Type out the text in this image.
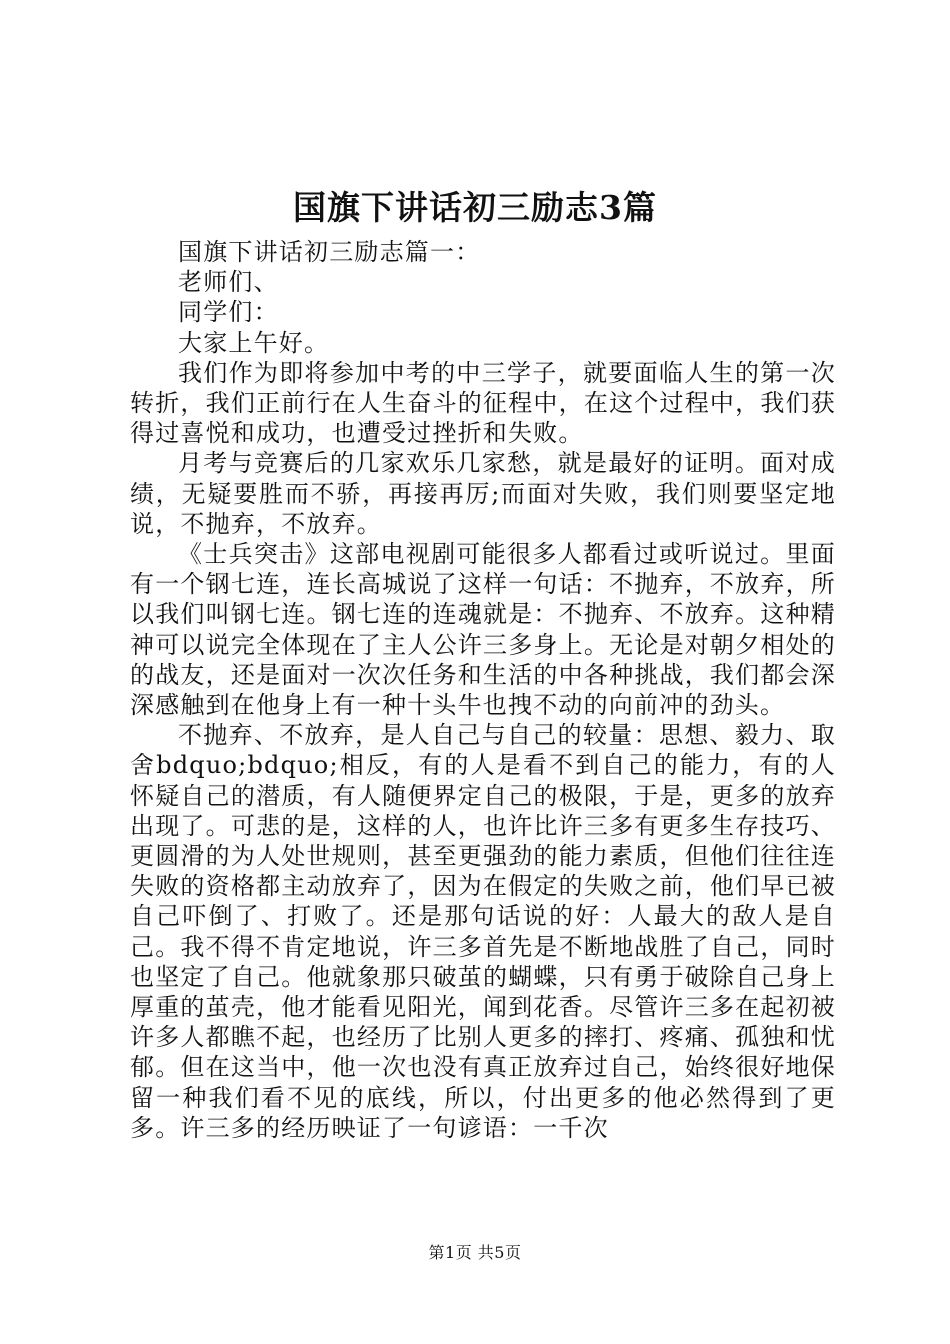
国旗下讲话初三励志3篇

国旗下讲话初三励志篇一：

老师们、

同学们：

大家上午好。

我们作为即将参加中考的中三学子，就要面临人生的第一次转折，我们正前行在人生奋斗的征程中，在这个过程中，我们获得过喜悦和成功，也遭受过挫折和失败。

月考与竞赛后的几家欢乐几家愁，就是最好的证明。面对成绩，无疑要胜而不骄，再接再厉;而面对失败，我们则要坚定地说，不抛弃，不放弃。

《士兵突击》这部电视剧可能很多人都看过或听说过。里面有一个钢七连，连长高城说了这样一句话：不抛弃，不放弃，所以我们叫钢七连。钢七连的连魂就是：不抛弃、不放弃。这种精神可以说完全体现在了主人公许三多身上。无论是对朝夕相处的的战友，还是面对一次次任务和生活的中各种挑战，我们都会深深感触到在他身上有一种十头牛也拽不动的向前冲的劲头。

不抛弃、不放弃，是人自己与自己的较量：思想、毅力、取舍bdquo;bdquo;相反，有的人是看不到自己的能力，有的人怀疑自己的潜质，有人随便界定自己的极限，于是，更多的放弃出现了。可悲的是，这样的人，也许比许三多有更多生存技巧、更圆滑的为人处世规则，甚至更强劲的能力素质，但他们往往连失败的资格都主动放弃了，因为在假定的失败之前，他们早已被自己吓倒了、打败了。还是那句话说的好：人最大的敌人是自己。我不得不肯定地说，许三多首先是不断地战胜了自己，同时也坚定了自己。他就象那只破茧的蝴蝶，只有勇于破除自己身上厚重的茧壳，他才能看见阳光，闻到花香。尽管许三多在起初被许多人都瞧不起，也经历了比别人更多的摔打、疼痛、孤独和忧郁。但在这当中，他一次也没有真正放弃过自己，始终很好地保留一种我们看不见的底线，所以，付出更多的他必然得到了更多。许三多的经历映证了一句谚语：一千次

第1页 共5页
